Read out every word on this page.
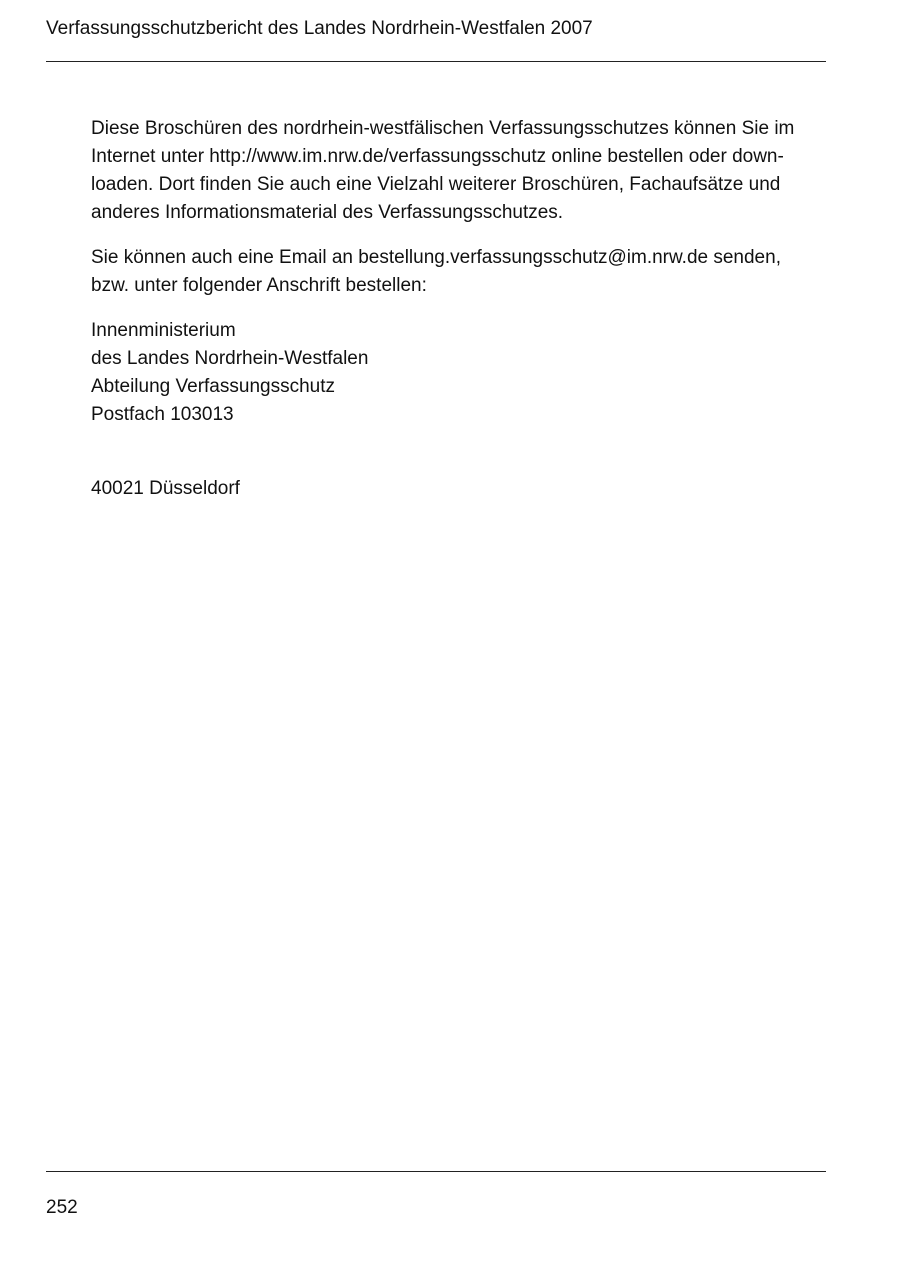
Verfassungsschutzbericht des Landes Nordrhein-Westfalen 2007

Diese Broschüren des nordrhein-westfälischen Verfassungsschutzes können Sie im
Internet unter http://www.im.nrw.de/verfassungsschutz online bestellen oder down-
loaden. Dort finden Sie auch eine Vielzahl weiterer Broschüren, Fachaufsätze und
anderes Informationsmaterial des Verfassungsschutzes.

Sie können auch eine Email an bestellung.verfassungsschutz@im.nrw.de senden,
bzw. unter folgender Anschrift bestellen:

Innenministerium
des Landes Nordrhein-Westfalen
Abteilung Verfassungsschutz
Postfach 103013
40021 Düsseldorf
252
